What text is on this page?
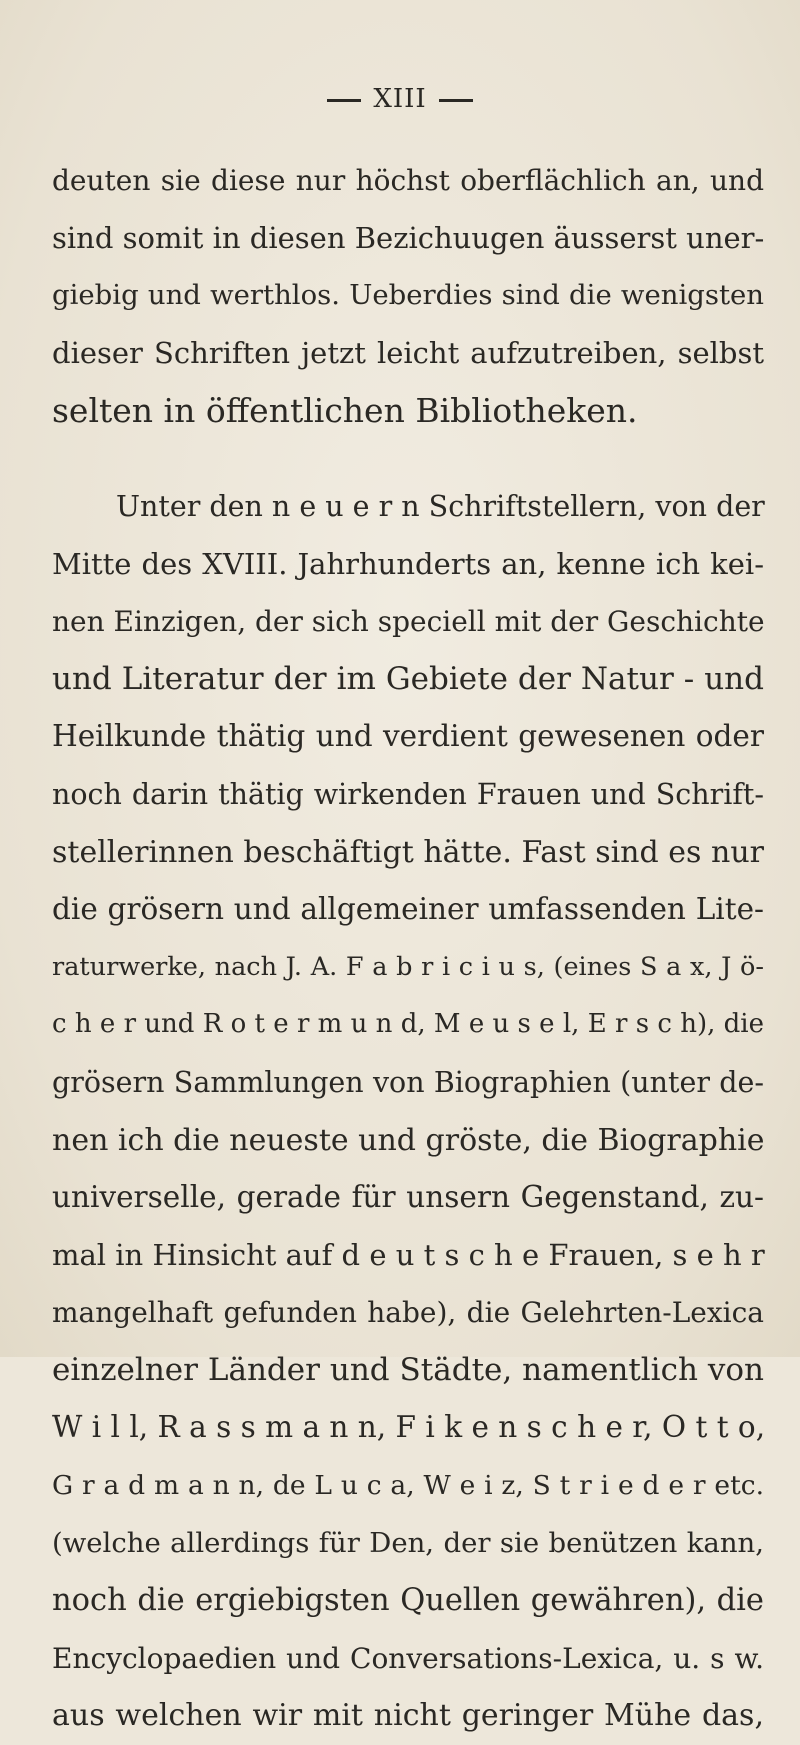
XIII
deuten sie diese nur höchst oberflächlich an, und
sind somit in diesen Bezichuugen äusserst uner-
giebig und werthlos. Ueberdies sind die wenigsten
dieser Schriften jetzt leicht aufzutreiben, selbst
selten in öffentlichen Bibliotheken.
Unter den n e u e r n Schriftstellern, von der
Mitte des XVIII. Jahrhunderts an, kenne ich kei-
nen Einzigen, der sich speciell mit der Geschichte
und Literatur der im Gebiete der Natur - und
Heilkunde thätig und verdient gewesenen oder
noch darin thätig wirkenden Frauen und Schrift-
stellerinnen beschäftigt hätte. Fast sind es nur
die grösern und allgemeiner umfassenden Lite-
raturwerke, nach J. A. F a b r i c i u s, (eines S a x, J ö-
c h e r und R o t e r m u n d, M e u s e l, E r s c h), die
grösern Sammlungen von Biographien (unter de-
nen ich die neueste und gröste, die Biographie
universelle, gerade für unsern Gegenstand, zu-
mal in Hinsicht auf d e u t s c h e Frauen, s e h r
mangelhaft gefunden habe), die Gelehrten-Lexica
einzelner Länder und Städte, namentlich von
W i l l, R a s s m a n n, F i k e n s c h e r, O t t o,
G r a d m a n n, de L u c a, W e i z, S t r i e d e r etc.
(welche allerdings für Den, der sie benützen kann,
noch die ergiebigsten Quellen gewähren), die
Encyclopaedien und Conversations-Lexica, u. s w.
aus welchen wir mit nicht geringer Mühe das,
